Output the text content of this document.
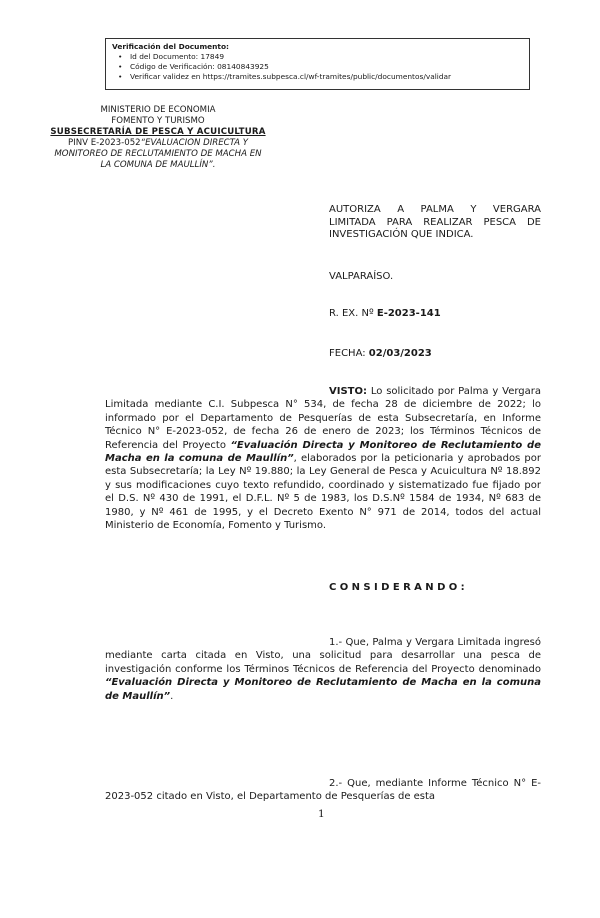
Verificación del Documento:
• Id del Documento: 17849
• Código de Verificación: 08140843925
• Verificar validez en https://tramites.subpesca.cl/wf-tramites/public/documentos/validar
MINISTERIO DE ECONOMIA
FOMENTO Y TURISMO
SUBSECRETARÍA DE PESCA Y ACUICULTURA
PINV E-2023-052“EVALUACION DIRECTA Y
MONITOREO DE RECLUTAMIENTO DE MACHA EN
LA COMUNA DE MAULLÍN”.
AUTORIZA A PALMA Y VERGARA
LIMITADA PARA REALIZAR PESCA DE
INVESTIGACIÓN QUE INDICA.
VALPARAÍSO.
R. EX. Nº E-2023-141
FECHA: 02/03/2023
VISTO: Lo solicitado por Palma y Vergara Limitada mediante C.I. Subpesca N° 534, de fecha 28 de diciembre de 2022; lo informado por el Departamento de Pesquerías de esta Subsecretaría, en Informe Técnico N° E-2023-052, de fecha 26 de enero de 2023; los Términos Técnicos de Referencia del Proyecto “Evaluación Directa y Monitoreo de Reclutamiento de Macha en la comuna de Maullín”, elaborados por la peticionaria y aprobados por esta Subsecretaría; la Ley Nº 19.880; la Ley General de Pesca y Acuicultura Nº 18.892 y sus modificaciones cuyo texto refundido, coordinado y sistematizado fue fijado por el D.S. Nº 430 de 1991, el D.F.L. Nº 5 de 1983, los D.S.Nº 1584 de 1934, Nº 683 de 1980, y Nº 461 de 1995, y el Decreto Exento N° 971 de 2014, todos del actual Ministerio de Economía, Fomento y Turismo.
CONSIDERANDO:
1.- Que, Palma y Vergara Limitada ingresó mediante carta citada en Visto, una solicitud para desarrollar una pesca de investigación conforme los Términos Técnicos de Referencia del Proyecto denominado “Evaluación Directa y Monitoreo de Reclutamiento de Macha en la comuna de Maullín”.
2.- Que, mediante Informe Técnico N° E-2023-052 citado en Visto, el Departamento de Pesquerías de esta
1
